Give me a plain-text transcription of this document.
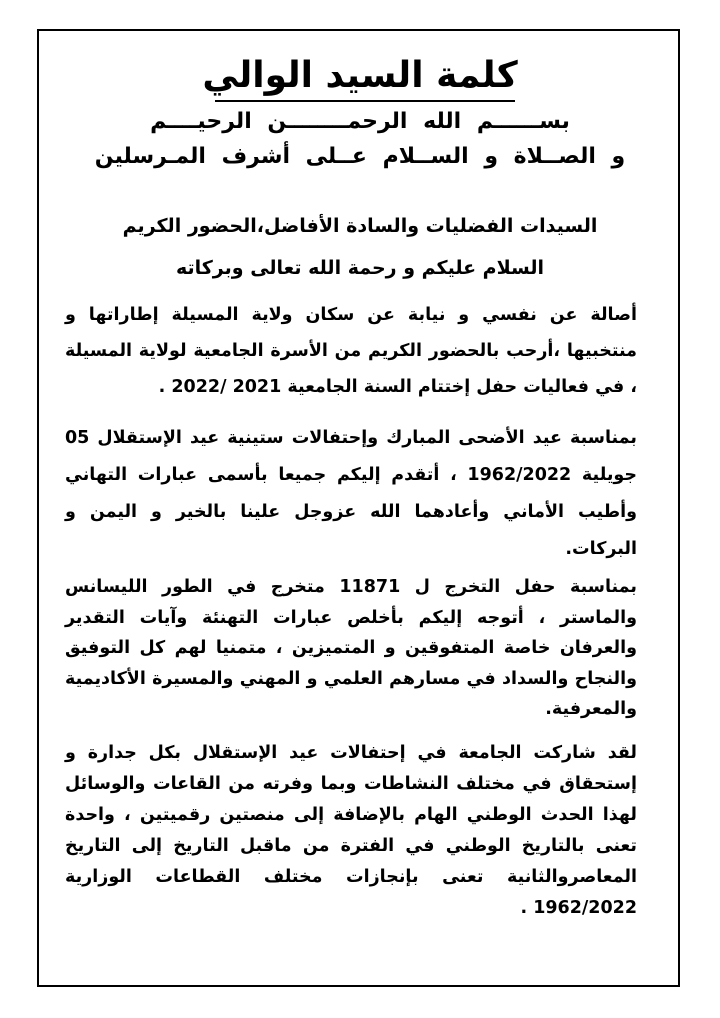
كلمة السيد الوالي
بســــــم الله الرحمــــــــن الرحيــــم
و الصــلاة و الســلام عــلى أشرف المـرسلين
السيدات الفضليات والسادة الأفاضل،الحضور الكريم
السلام عليكم و رحمة الله تعالى وبركاته

أصالة عن نفسي و نيابة عن سكان ولاية المسيلة إطاراتها و منتخبيها ،أرحب بالحضور الكريم من الأسرة الجامعية لولاية المسيلة ، في فعاليات حفل إختتام السنة الجامعية 2021 /2022 .

بمناسبة عيد الأضحى المبارك وإحتفالات ستينية عيد الإستقلال 05 جويلية 1962/2022 ، أتقدم إليكم جميعا بأسمى عبارات التهاني وأطيب الأماني وأعادهما الله عزوجل علينا بالخير و اليمن و البركات.

بمناسبة حفل التخرج ل 11871 متخرج في الطور الليسانس والماستر ، أتوجه إليكم بأخلص عبارات التهنئة وآيات التقدير والعرفان خاصة المتفوقين و المتميزين ، متمنيا لهم كل التوفيق والنجاح والسداد في مسارهم العلمي و المهني والمسيرة الأكاديمية والمعرفية.

لقد شاركت الجامعة في إحتفالات عيد الإستقلال بكل جدارة و إستحقاق في مختلف النشاطات وبما وفرته من القاعات والوسائل لهذا الحدث الوطني الهام بالإضافة إلى منصتين رقميتين ، واحدة تعنى بالتاريخ الوطني في الفترة من ماقبل التاريخ إلى التاريخ المعاصروالثانية تعنى بإنجازات مختلف القطاعات الوزارية 1962/2022 .
